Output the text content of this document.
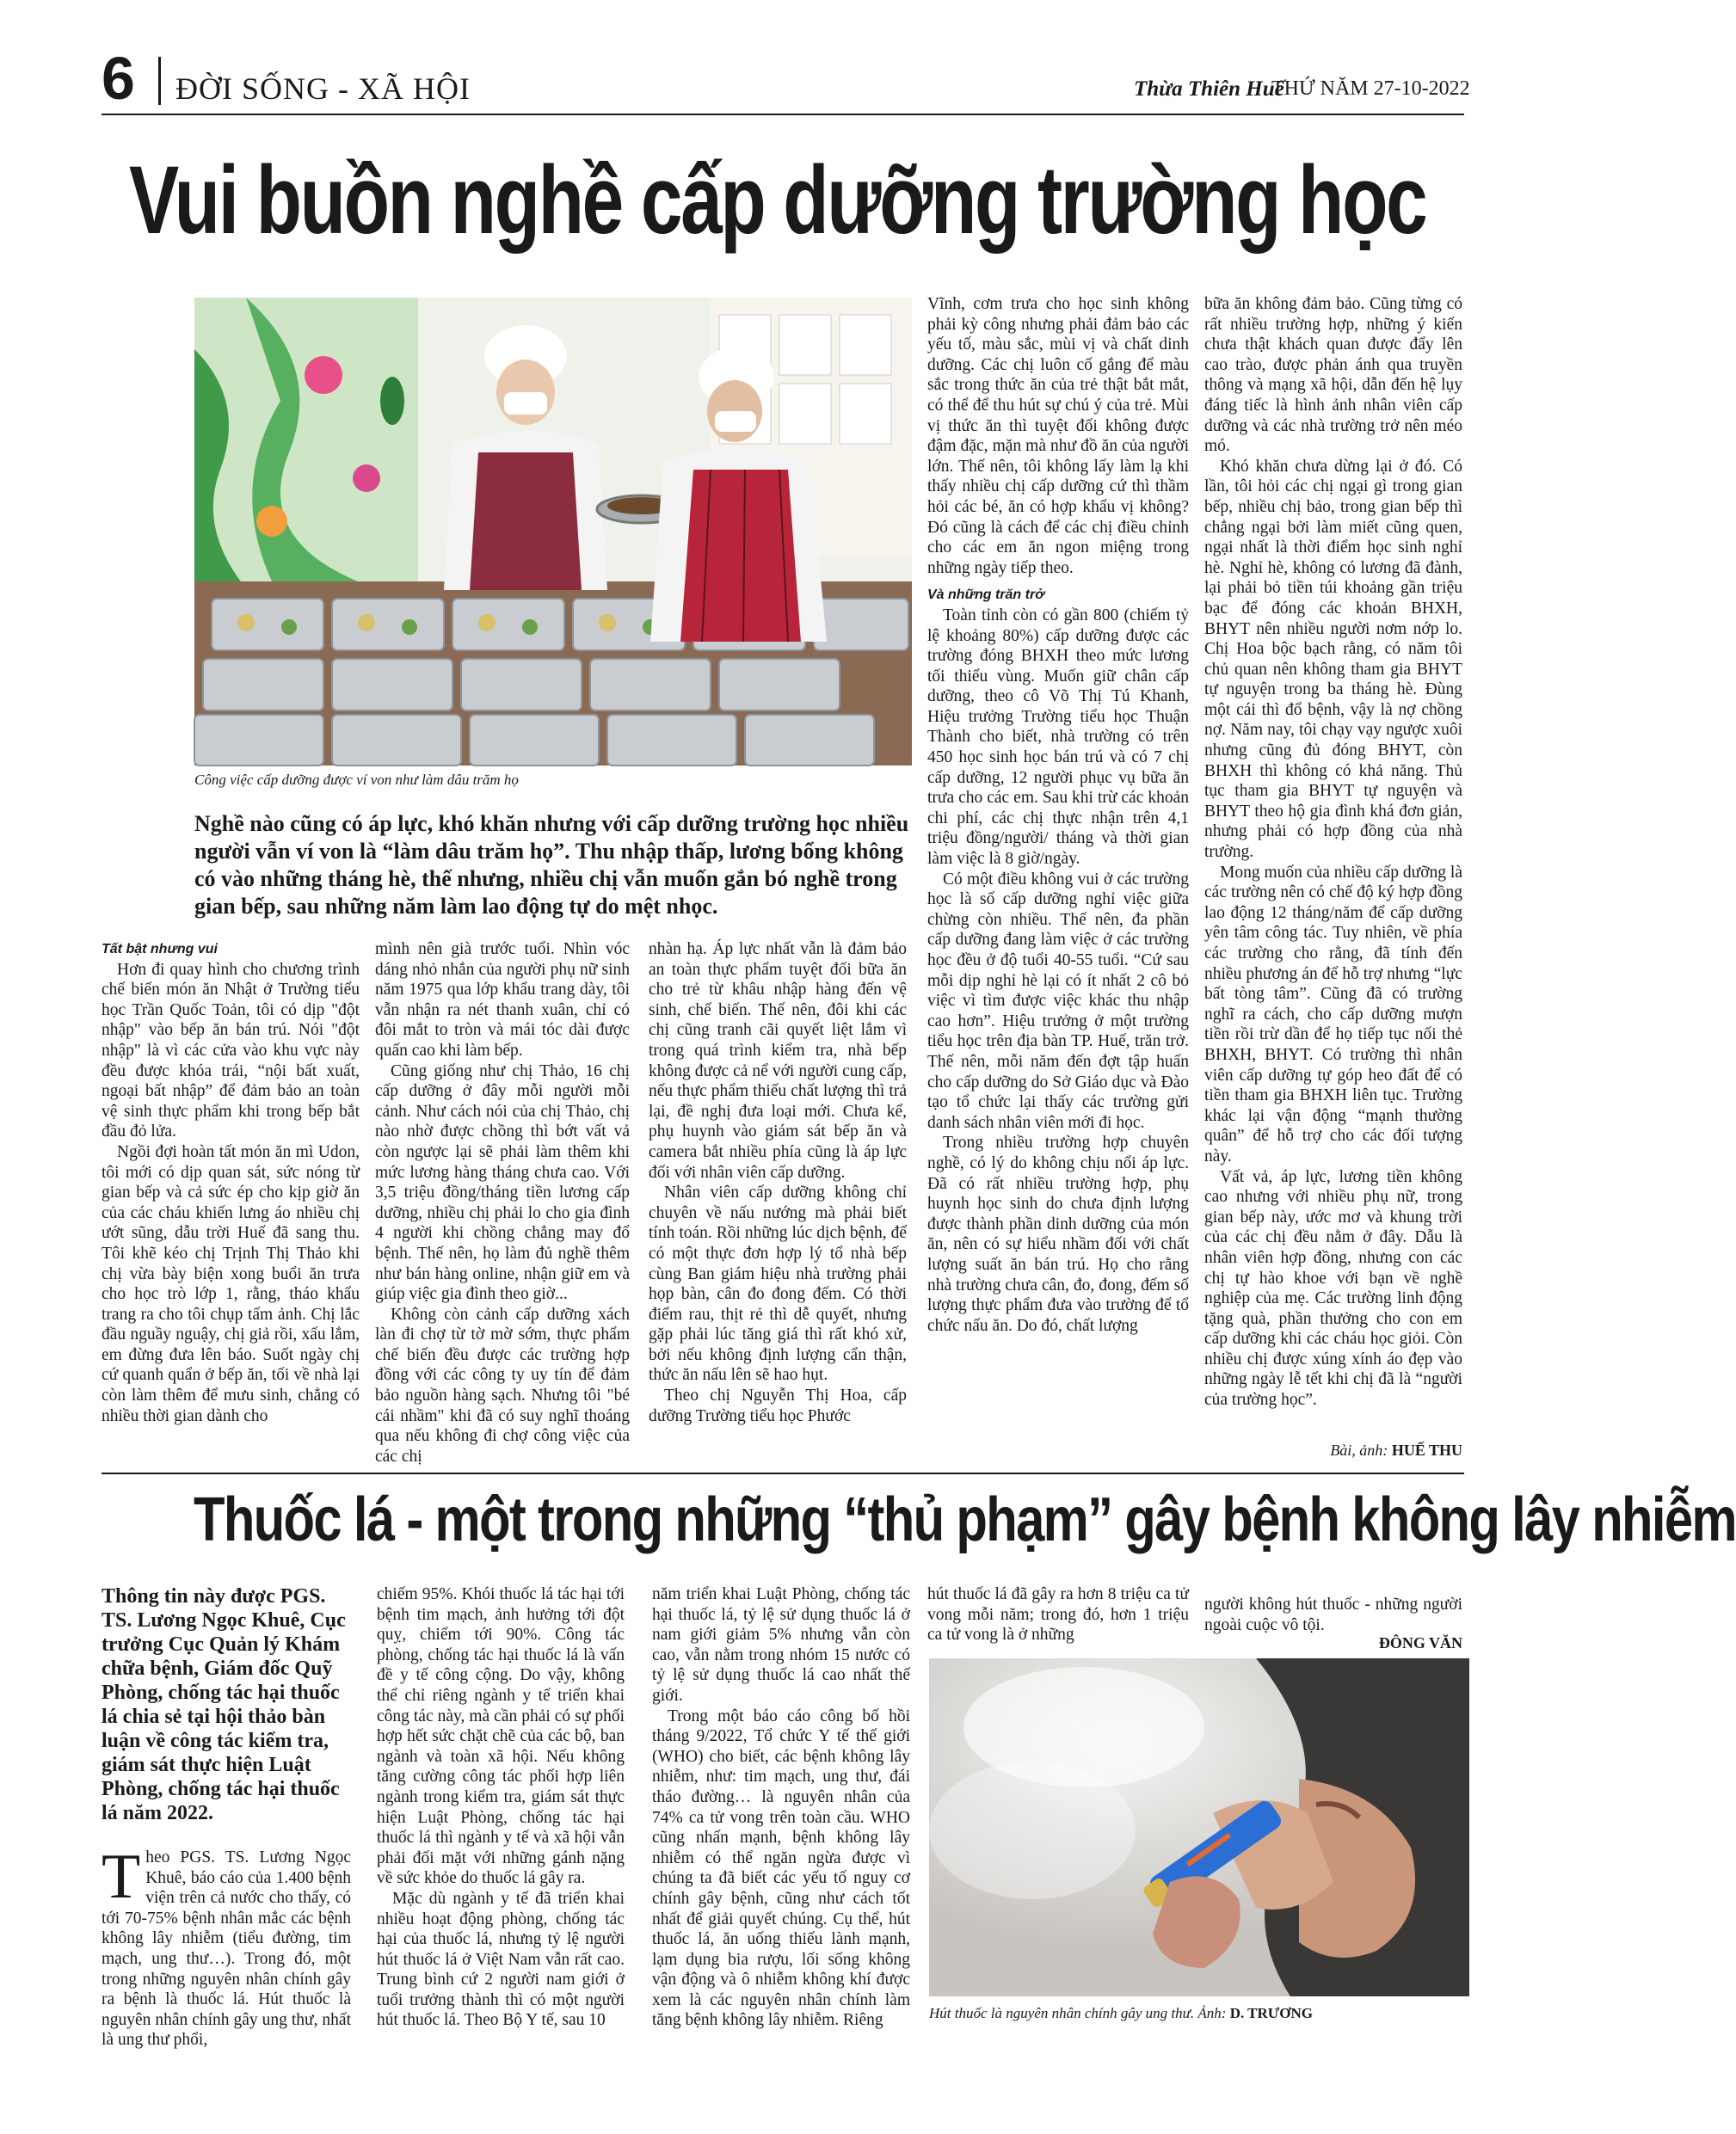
6 ĐỜI SỐNG - XÃ HỘI	Thừa Thiên Huế
THỨ NĂM 27-10-2022
Vui buồn nghề cấp dưỡng trường học
Công việc cấp dưỡng được ví von như làm dâu trăm họ
Nghề nào cũng có áp lực, khó khăn nhưng với cấp dưỡng trường học nhiều người vẫn ví von là “làm dâu trăm họ”. Thu nhập thấp, lương bổng không có vào những tháng hè, thế nhưng, nhiều chị vẫn muốn gắn bó nghề trong gian bếp, sau những năm làm lao động tự do mệt nhọc.
Tất bật nhưng vui

Hơn đi quay hình cho chương trình chế biến món ăn Nhật ở Trường tiểu học Trần Quốc Toản, tôi có dịp "đột nhập" vào bếp ăn bán trú. Nói "đột nhập" là vì các cửa vào khu vực này đều được khóa trái, “nội bất xuất, ngoại bất nhập” để đảm bảo an toàn vệ sinh thực phẩm khi trong bếp bắt đầu đỏ lửa.

Ngồi đợi hoàn tất món ăn mì Udon, tôi mới có dịp quan sát, sức nóng từ gian bếp và cả sức ép cho kịp giờ ăn của các cháu khiến lưng áo nhiều chị ướt sũng, dẫu trời Huế đã sang thu. Tôi khẽ kéo chị Trịnh Thị Thảo khi chị vừa bày biện xong buổi ăn trưa cho học trò lớp 1, rằng, tháo khẩu trang ra cho tôi chụp tấm ảnh. Chị lắc đầu nguầy nguậy, chị giả rồi, xấu lắm, em đừng đưa lên báo. Suốt ngày chị cứ quanh quẩn ở bếp ăn, tối về nhà lại còn làm thêm để mưu sinh, chẳng có nhiều thời gian dành cho

mình nên già trước tuổi. Nhìn vóc dáng nhỏ nhắn của người phụ nữ sinh năm 1975 qua lớp khẩu trang dày, tôi vẫn nhận ra nét thanh xuân, chỉ có đôi mắt to tròn và mái tóc dài được quấn cao khi làm bếp.

Cũng giống như chị Thảo, 16 chị cấp dưỡng ở đây mỗi người mỗi cảnh. Như cách nói của chị Thảo, chị nào nhờ được chồng thì bớt vất vả còn ngược lại sẽ phải làm thêm khi mức lương hàng tháng chưa cao. Với 3,5 triệu đồng/tháng tiền lương cấp dưỡng, nhiều chị phải lo cho gia đình 4 người khi chồng chẳng may đổ bệnh. Thế nên, họ làm đủ nghề thêm như bán hàng online, nhận giữ em và giúp việc gia đình theo giờ...

Không còn cảnh cấp dưỡng xách làn đi chợ từ tờ mờ sớm, thực phẩm chế biến đều được các trường hợp đồng với các công ty uy tín để đảm bảo nguồn hàng sạch. Nhưng tôi "bé cái nhầm" khi đã có suy nghĩ thoáng qua nếu không đi chợ công việc của các chị

nhàn hạ. Áp lực nhất vẫn là đảm bảo an toàn thực phẩm tuyệt đối bữa ăn cho trẻ từ khâu nhập hàng đến vệ sinh, chế biến. Thế nên, đôi khi các chị cũng tranh cãi quyết liệt lắm vì trong quá trình kiểm tra, nhà bếp không được cả nể với người cung cấp, nếu thực phẩm thiếu chất lượng thì trả lại, đề nghị đưa loại mới. Chưa kể, phụ huynh vào giám sát bếp ăn và camera bắt nhiều phía cũng là áp lực đối với nhân viên cấp dưỡng.

Nhân viên cấp dưỡng không chỉ chuyên về nấu nướng mà phải biết tính toán. Rồi những lúc dịch bệnh, để có một thực đơn hợp lý tổ nhà bếp cùng Ban giám hiệu nhà trường phải họp bàn, cân đo đong đếm. Có thời điểm rau, thịt rẻ thì dễ quyết, nhưng gặp phải lúc tăng giá thì rất khó xử, bởi nếu không định lượng cẩn thận, thức ăn nấu lên sẽ hao hụt.

Theo chị Nguyễn Thị Hoa, cấp dưỡng Trường tiểu học Phước

Vĩnh, cơm trưa cho học sinh không phải kỳ công nhưng phải đảm bảo các yếu tố, màu sắc, mùi vị và chất dinh dưỡng. Các chị luôn cố gắng để màu sắc trong thức ăn của trẻ thật bắt mắt, có thể để thu hút sự chú ý của trẻ. Mùi vị thức ăn thì tuyệt đối không được đậm đặc, mặn mà như đồ ăn của người lớn. Thế nên, tôi không lấy làm lạ khi thấy nhiều chị cấp dưỡng cứ thì thầm hỏi các bé, ăn có hợp khẩu vị không? Đó cũng là cách để các chị điều chỉnh cho các em ăn ngon miệng trong những ngày tiếp theo.

Và những trăn trở

Toàn tỉnh còn có gần 800 (chiếm tỷ lệ khoảng 80%) cấp dưỡng được các trường đóng BHXH theo mức lương tối thiểu vùng. Muốn giữ chân cấp dưỡng, theo cô Võ Thị Tú Khanh, Hiệu trưởng Trường tiểu học Thuận Thành cho biết, nhà trường có trên 450 học sinh học bán trú và có 7 chị cấp dưỡng, 12 người phục vụ bữa ăn trưa cho các em. Sau khi trừ các khoản chi phí, các chị thực nhận trên 4,1 triệu đồng/người/ tháng và thời gian làm việc là 8 giờ/ngày.

Có một điều không vui ở các trường học là số cấp dưỡng nghỉ việc giữa chừng còn nhiều. Thế nên, đa phần cấp dưỡng đang làm việc ở các trường học đều ở độ tuổi 40-55 tuổi. “Cứ sau mỗi dịp nghỉ hè lại có ít nhất 2 cô bỏ việc vì tìm được việc khác thu nhập cao hơn”. Hiệu trưởng ở một trường tiểu học trên địa bàn TP. Huế, trăn trở. Thế nên, mỗi năm đến đợt tập huấn cho cấp dưỡng do Sở Giáo dục và Đào tạo tổ chức lại thấy các trường gửi danh sách nhân viên mới đi học.

Trong nhiều trường hợp chuyên nghề, có lý do không chịu nổi áp lực. Đã có rất nhiều trường hợp, phụ huynh học sinh do chưa định lượng được thành phần dinh dưỡng của món ăn, nên có sự hiểu nhầm đối với chất lượng suất ăn bán trú. Họ cho rằng nhà trường chưa cân, đo, đong, đếm số lượng thực phẩm đưa vào trường để tổ chức nấu ăn. Do đó, chất lượng

bữa ăn không đảm bảo. Cũng từng có rất nhiều trường hợp, những ý kiến chưa thật khách quan được đẩy lên cao trào, được phản ánh qua truyền thông và mạng xã hội, dẫn đến hệ lụy đáng tiếc là hình ảnh nhân viên cấp dưỡng và các nhà trường trở nên méo mó.

Khó khăn chưa dừng lại ở đó. Có lần, tôi hỏi các chị ngại gì trong gian bếp, nhiều chị bảo, trong gian bếp thì chẳng ngại bởi làm miết cũng quen, ngại nhất là thời điểm học sinh nghỉ hè. Nghỉ hè, không có lương đã đành, lại phải bỏ tiền túi khoảng gần triệu bạc để đóng các khoản BHXH, BHYT nên nhiều người nơm nớp lo. Chị Hoa bộc bạch rằng, có năm tôi chủ quan nên không tham gia BHYT tự nguyện trong ba tháng hè. Đùng một cái thì đổ bệnh, vậy là nợ chồng nợ. Năm nay, tôi chạy vạy ngược xuôi nhưng cũng đủ đóng BHYT, còn BHXH thì không có khả năng. Thủ tục tham gia BHYT tự nguyện và BHYT theo hộ gia đình khá đơn giản, nhưng phải có hợp đồng của nhà trường.

Mong muốn của nhiều cấp dưỡng là các trường nên có chế độ ký hợp đồng lao động 12 tháng/năm để cấp dưỡng yên tâm công tác. Tuy nhiên, về phía các trường cho rằng, đã tính đến nhiều phương án để hỗ trợ nhưng “lực bất tòng tâm”. Cũng đã có trường nghĩ ra cách, cho cấp dưỡng mượn tiền rồi trừ dần để họ tiếp tục nối thẻ BHXH, BHYT. Có trường thì nhân viên cấp dưỡng tự góp heo đất để có tiền tham gia BHXH liên tục. Trường khác lại vận động “mạnh thường quân” để hỗ trợ cho các đối tượng này.

Vất vả, áp lực, lương tiền không cao nhưng với nhiều phụ nữ, trong gian bếp này, ước mơ và khung trời của các chị đều nằm ở đây. Dẫu là nhân viên hợp đồng, nhưng con các chị tự hào khoe với bạn về nghề nghiệp của mẹ. Các trường linh động tặng quà, phần thưởng cho con em cấp dưỡng khi các cháu học giỏi. Còn nhiều chị được xúng xính áo đẹp vào những ngày lễ tết khi chị đã là “người của trường học”.

Bài, ảnh: HUẾ THU
Thuốc lá - một trong những “thủ phạm” gây bệnh không lây nhiễm
Thông tin này được PGS. TS. Lương Ngọc Khuê, Cục trưởng Cục Quản lý Khám chữa bệnh, Giám đốc Quỹ Phòng, chống tác hại thuốc lá chia sẻ tại hội thảo bàn luận về công tác kiểm tra, giám sát thực hiện Luật Phòng, chống tác hại thuốc lá năm 2022.
Theo PGS. TS. Lương Ngọc Khuê, báo cáo của 1.400 bệnh viện trên cả nước cho thấy, có tới 70-75% bệnh nhân mắc các bệnh không lây nhiễm (tiểu đường, tim mạch, ung thư…). Trong đó, một trong những nguyên nhân chính gây ra bệnh là thuốc lá. Hút thuốc là nguyên nhân chính gây ung thư, nhất là ung thư phổi,

chiếm 95%. Khói thuốc lá tác hại tới bệnh tim mạch, ảnh hưởng tới đột quỵ, chiếm tới 90%. Công tác phòng, chống tác hại thuốc lá là vấn đề y tế công cộng. Do vậy, không thể chỉ riêng ngành y tế triển khai công tác này, mà cần phải có sự phối hợp hết sức chặt chẽ của các bộ, ban ngành và toàn xã hội. Nếu không tăng cường công tác phối hợp liên ngành trong kiểm tra, giám sát thực hiện Luật Phòng, chống tác hại thuốc lá thì ngành y tế và xã hội vẫn phải đối mặt với những gánh nặng về sức khỏe do thuốc lá gây ra.

Mặc dù ngành y tế đã triển khai nhiều hoạt động phòng, chống tác hại của thuốc lá, nhưng tỷ lệ người hút thuốc lá ở Việt Nam vẫn rất cao. Trung bình cứ 2 người nam giới ở tuổi trưởng thành thì có một người hút thuốc lá. Theo Bộ Y tế, sau 10

năm triển khai Luật Phòng, chống tác hại thuốc lá, tỷ lệ sử dụng thuốc lá ở nam giới giảm 5% nhưng vẫn còn cao, vẫn nằm trong nhóm 15 nước có tỷ lệ sử dụng thuốc lá cao nhất thế giới.

Trong một báo cáo công bố hồi tháng 9/2022, Tổ chức Y tế thế giới (WHO) cho biết, các bệnh không lây nhiễm, như: tim mạch, ung thư, đái tháo đường… là nguyên nhân của 74% ca tử vong trên toàn cầu. WHO cũng nhấn mạnh, bệnh không lây nhiễm có thể ngăn ngừa được vì chúng ta đã biết các yếu tố nguy cơ chính gây bệnh, cũng như cách tốt nhất để giải quyết chúng. Cụ thể, hút thuốc lá, ăn uống thiếu lành mạnh, lạm dụng bia rượu, lối sống không vận động và ô nhiễm không khí được xem là các nguyên nhân chính làm tăng bệnh không lây nhiễm. Riêng

hút thuốc lá đã gây ra hơn 8 triệu ca tử vong mỗi năm; trong đó, hơn 1 triệu ca tử vong là ở những

người không hút thuốc - những người ngoài cuộc vô tội.

ĐÔNG VĂN
Hút thuốc là nguyên nhân chính gây ung thư. Ảnh: D. TRƯƠNG
